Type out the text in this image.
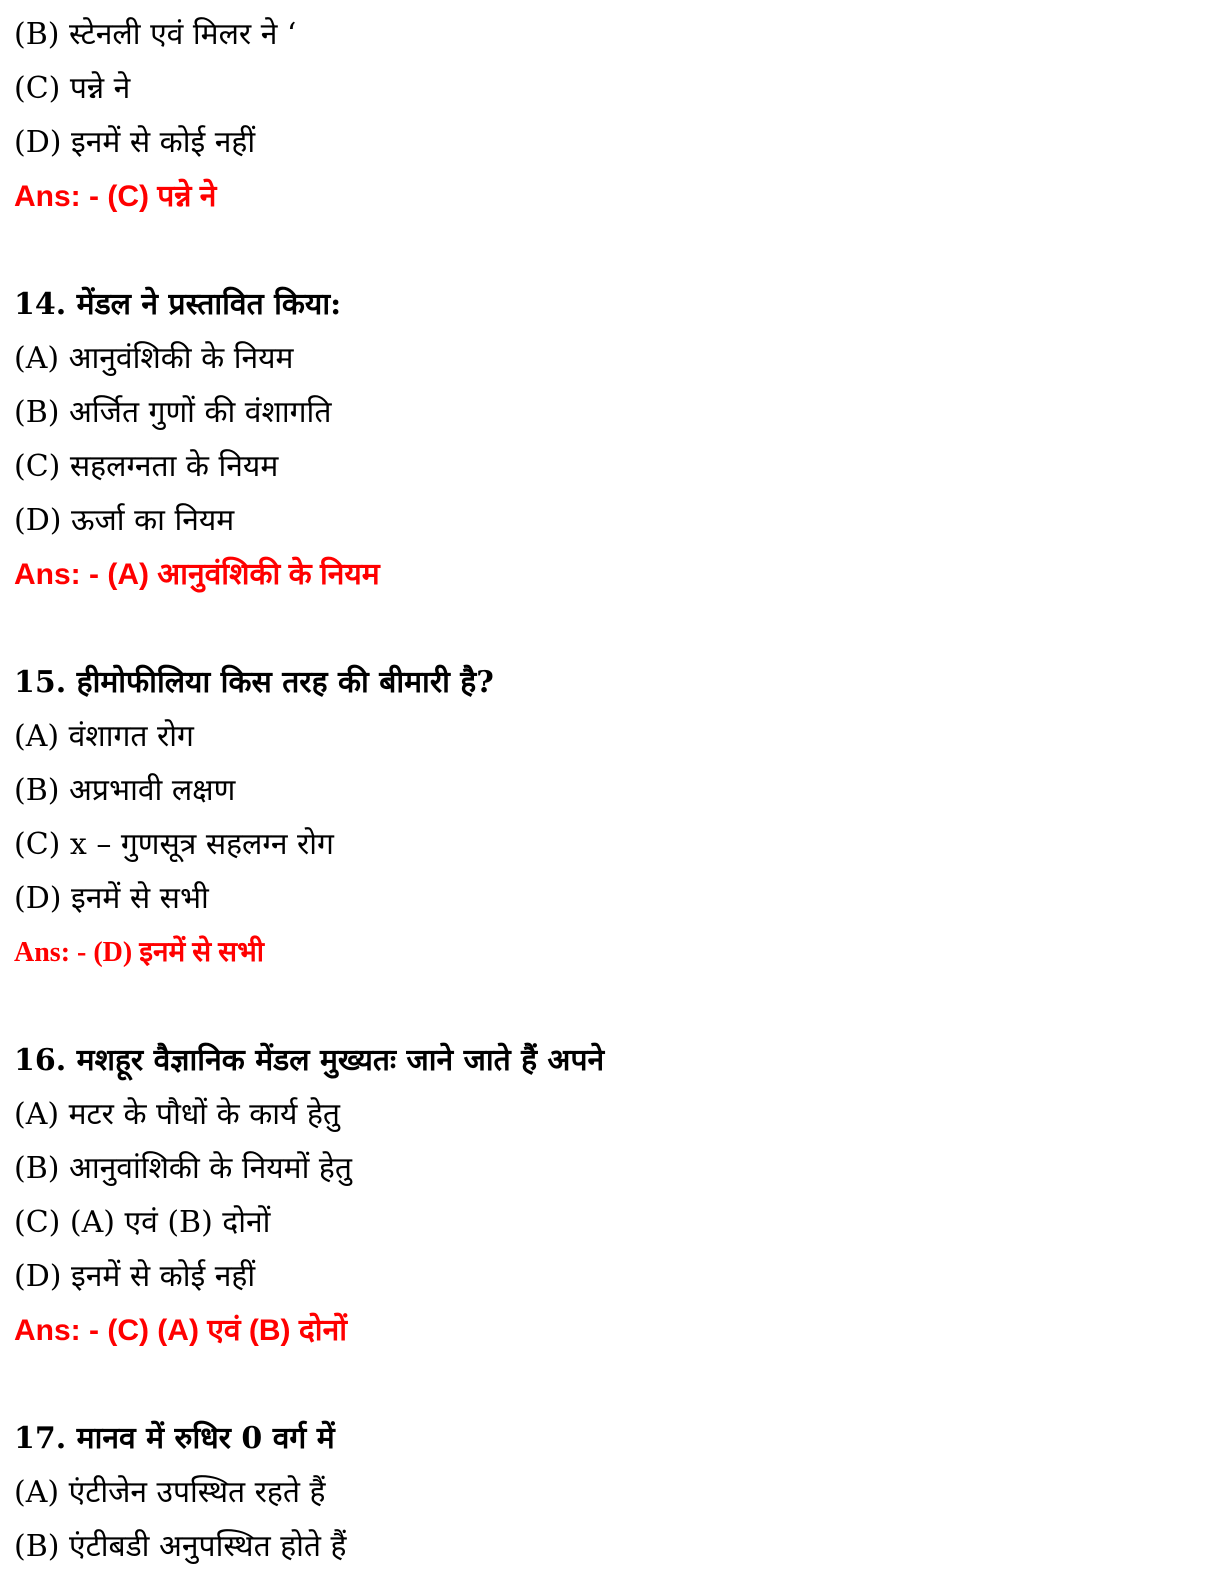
(B) स्टेनली एवं मिलर ने ‘
(C) पन्ने ने
(D) इनमें से कोई नहीं
Ans: - (C) पन्ने ने
14. मेंडल ने प्रस्तावित किया:
(A) आनुवंशिकी के नियम
(B) अर्जित गुणों की वंशागति
(C) सहलग्नता के नियम
(D) ऊर्जा का नियम
Ans: - (A) आनुवंशिकी के नियम
15. हीमोफीलिया किस तरह की बीमारी है?
(A) वंशागत रोग
(B) अप्रभावी लक्षण
(C) x – गुणसूत्र सहलग्न रोग
(D) इनमें से सभी
Ans: - (D) इनमें से सभी
16. मशहूर वैज्ञानिक मेंडल मुख्यतः जाने जाते हैं अपने
(A) मटर के पौधों के कार्य हेतु
(B) आनुवांशिकी के नियमों हेतु
(C) (A) एवं (B) दोनों
(D) इनमें से कोई नहीं
Ans: - (C) (A) एवं (B) दोनों
17. मानव में रुधिर 0 वर्ग में
(A) एंटीजेन उपस्थित रहते हैं
(B) एंटीबडी अनुपस्थित होते हैं
